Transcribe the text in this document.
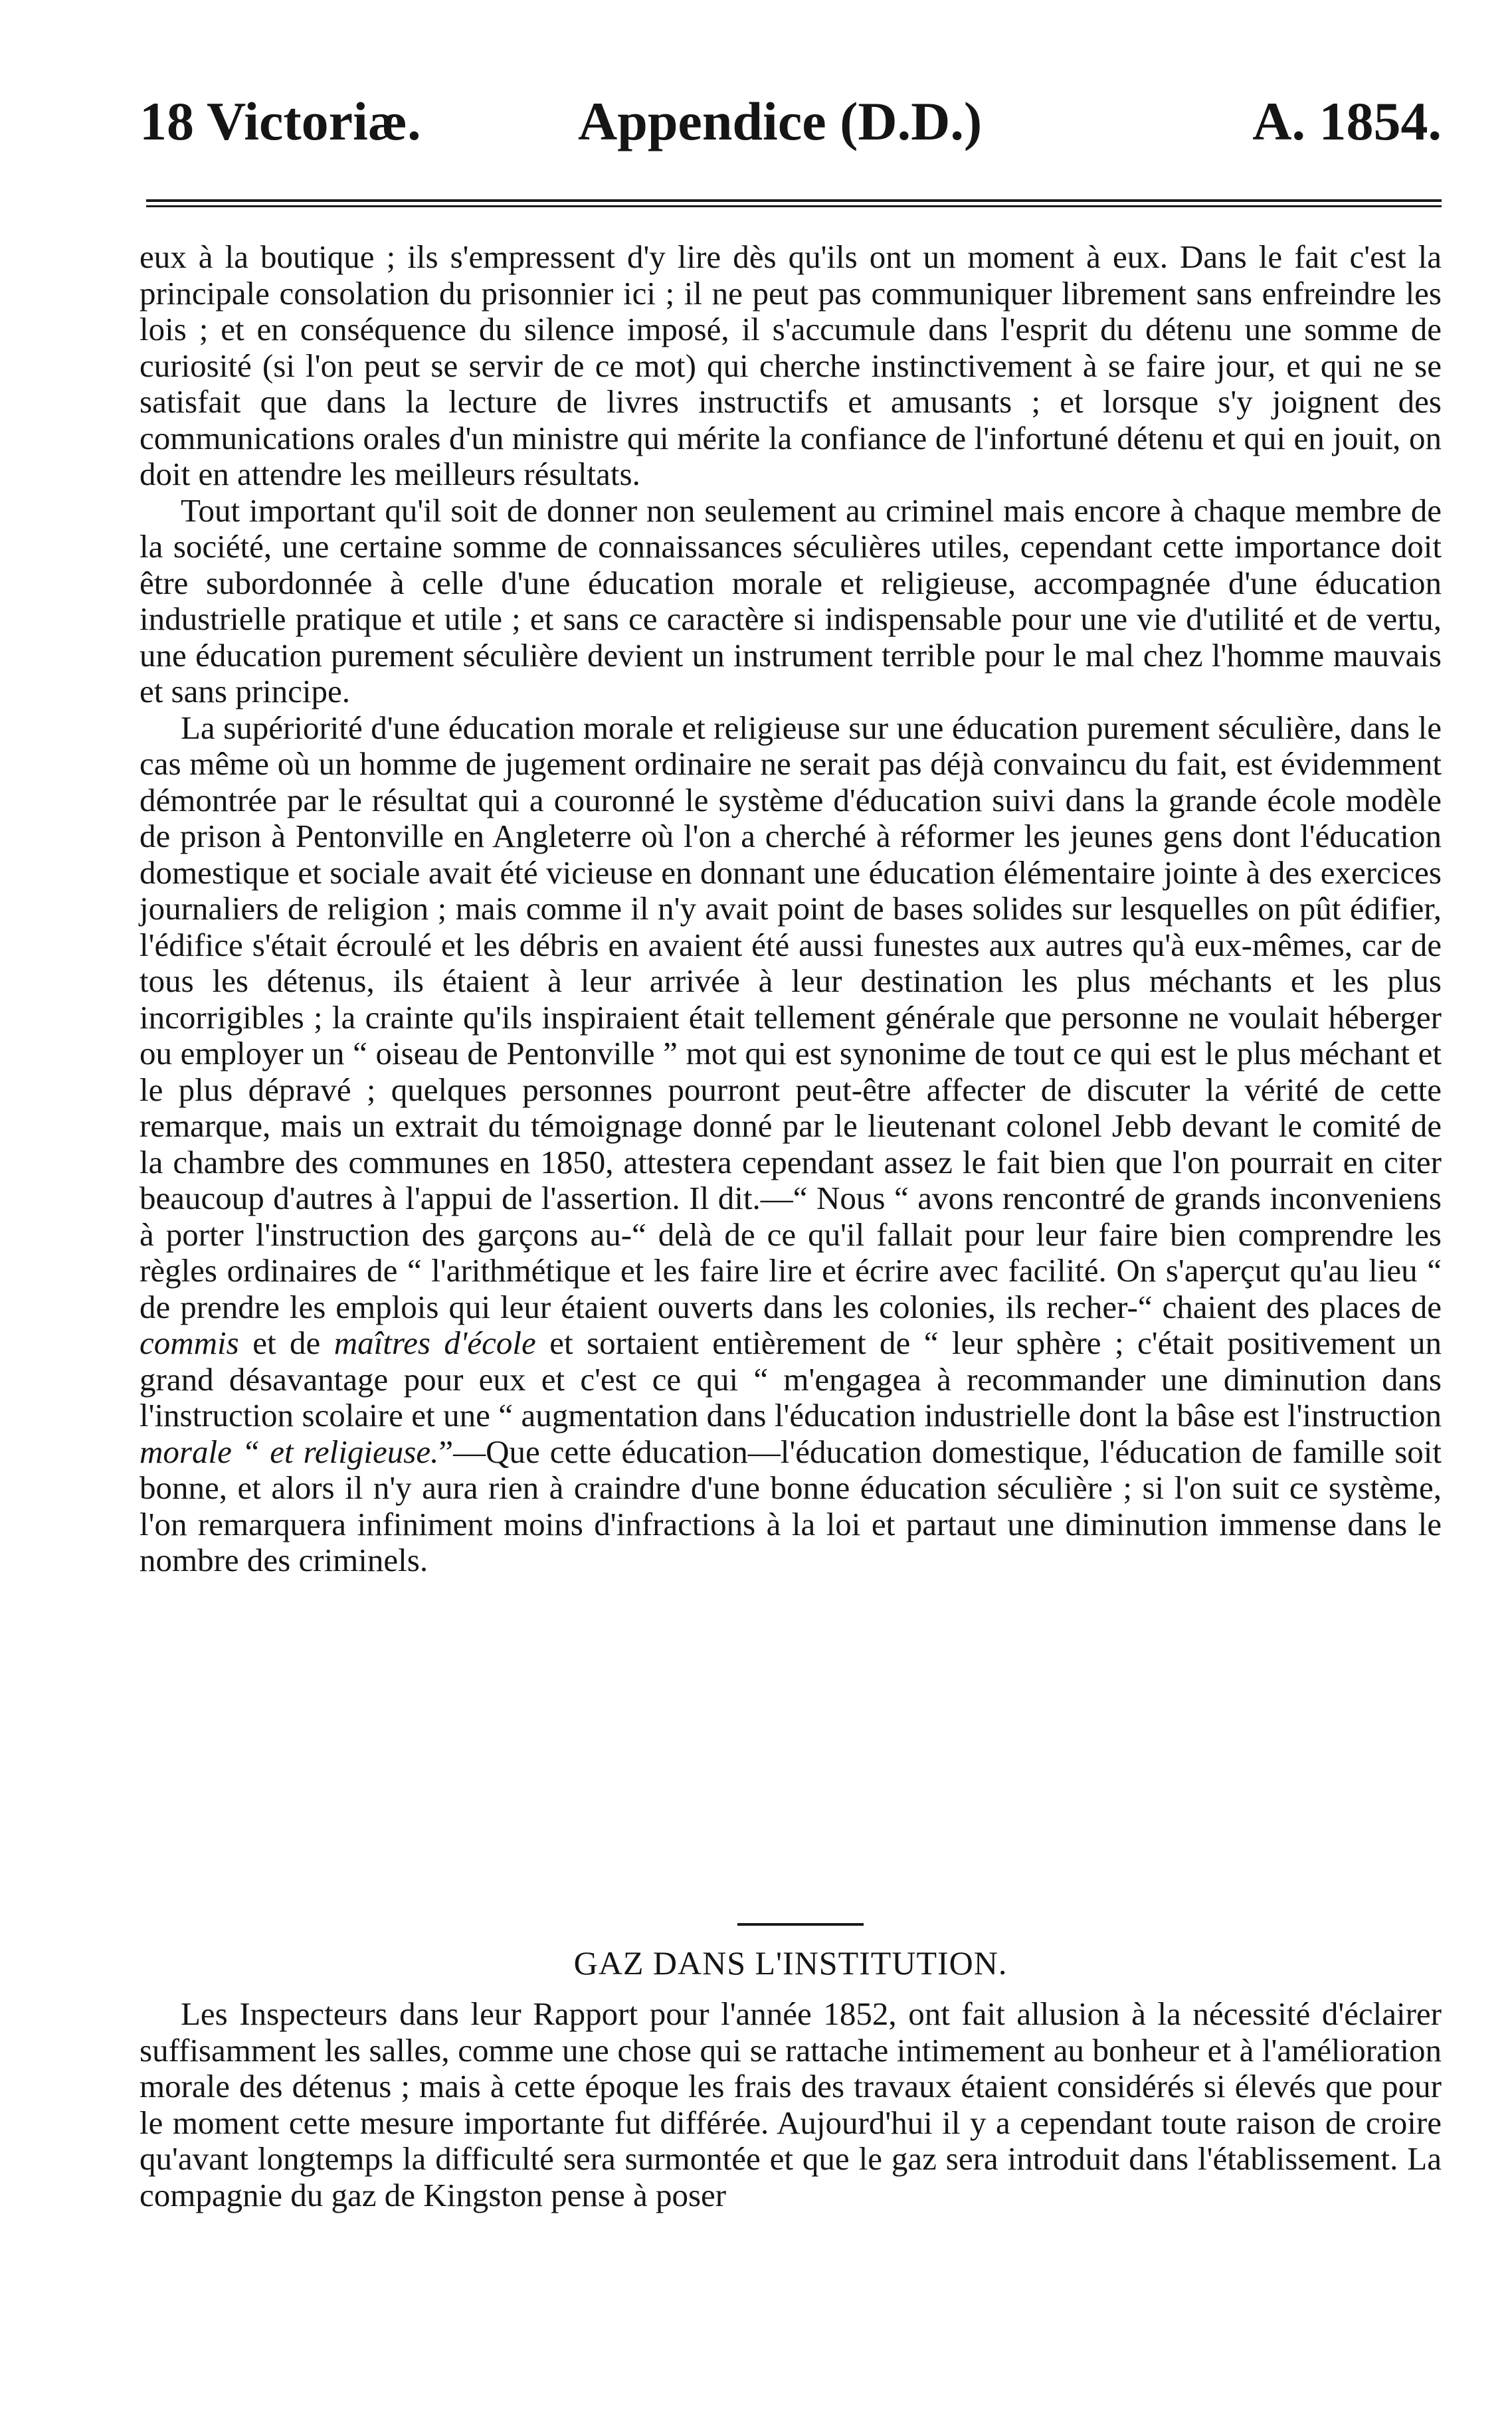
18 Victoriæ.	Appendice (D.D.)	A. 1854.

eux à la boutique ; ils s'empressent d'y lire dès qu'ils ont un moment à eux. Dans le fait c'est la principale consolation du prisonnier ici ; il ne peut pas communiquer librement sans enfreindre les lois ; et en conséquence du silence imposé, il s'accumule dans l'esprit du détenu une somme de curiosité (si l'on peut se servir de ce mot) qui cherche instinctivement à se faire jour, et qui ne se satisfait que dans la lecture de livres instructifs et amusants ; et lorsque s'y joignent des communications orales d'un ministre qui mérite la confiance de l'infortuné détenu et qui en jouit, on doit en attendre les meilleurs résultats.

Tout important qu'il soit de donner non seulement au criminel mais encore à chaque membre de la société, une certaine somme de connaissances séculières utiles, cependant cette importance doit être subordonnée à celle d'une éducation morale et religieuse, accompagnée d'une éducation industrielle pratique et utile ; et sans ce caractère si indispensable pour une vie d'utilité et de vertu, une éducation purement séculière devient un instrument terrible pour le mal chez l'homme mauvais et sans principe.

La supériorité d'une éducation morale et religieuse sur une éducation purement séculière, dans le cas même où un homme de jugement ordinaire ne serait pas déjà convaincu du fait, est évidemment démontrée par le résultat qui a couronné le système d'éducation suivi dans la grande école modèle de prison à Pentonville en Angleterre où l'on a cherché à réformer les jeunes gens dont l'éducation domestique et sociale avait été vicieuse en donnant une éducation élémentaire jointe à des exercices journaliers de religion ; mais comme il n'y avait point de bases solides sur lesquelles on pût édifier, l'édifice s'était écroulé et les débris en avaient été aussi funestes aux autres qu'à eux-mêmes, car de tous les détenus, ils étaient à leur arrivée à leur destination les plus méchants et les plus incorrigibles ; la crainte qu'ils inspiraient était tellement générale que personne ne voulait héberger ou employer un “ oiseau de Pentonville ” mot qui est synonime de tout ce qui est le plus méchant et le plus dépravé ; quelques personnes pourront peut-être affecter de discuter la vérité de cette remarque, mais un extrait du témoignage donné par le lieutenant colonel Jebb devant le comité de la chambre des communes en 1850, attestera cependant assez le fait bien que l'on pourrait en citer beaucoup d'autres à l'appui de l'assertion. Il dit.—“ Nous “ avons rencontré de grands inconveniens à porter l'instruction des garçons au-“ delà de ce qu'il fallait pour leur faire bien comprendre les règles ordinaires de “ l'arithmétique et les faire lire et écrire avec facilité. On s'aperçut qu'au lieu “ de prendre les emplois qui leur étaient ouverts dans les colonies, ils recher-“ chaient des places de commis et de maîtres d'école et sortaient entièrement de “ leur sphère ; c'était positivement un grand désavantage pour eux et c'est ce qui “ m'engagea à recommander une diminution dans l'instruction scolaire et une “ augmentation dans l'éducation industrielle dont la bâse est l'instruction morale “ et religieuse.”—Que cette éducation—l'éducation domestique, l'éducation de famille soit bonne, et alors il n'y aura rien à craindre d'une bonne éducation séculière ; si l'on suit ce système, l'on remarquera infiniment moins d'infractions à la loi et partaut une diminution immense dans le nombre des criminels.

GAZ DANS L'INSTITUTION.

Les Inspecteurs dans leur Rapport pour l'année 1852, ont fait allusion à la nécessité d'éclairer suffisamment les salles, comme une chose qui se rattache intimement au bonheur et à l'amélioration morale des détenus ; mais à cette époque les frais des travaux étaient considérés si élevés que pour le moment cette mesure importante fut différée. Aujourd'hui il y a cependant toute raison de croire qu'avant longtemps la difficulté sera surmontée et que le gaz sera introduit dans l'établissement. La compagnie du gaz de Kingston pense à poser
